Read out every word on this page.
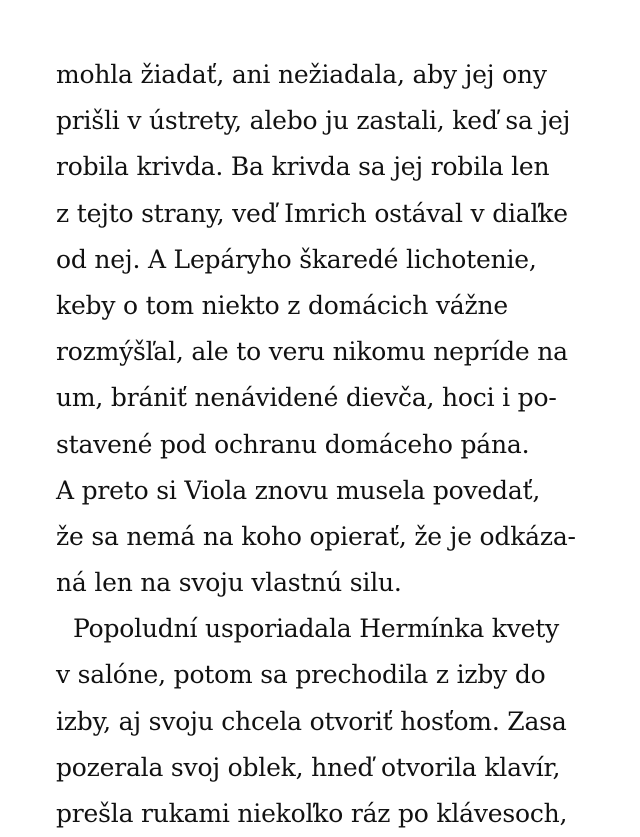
mohla žiadať, ani nežiadala, aby jej ony
prišli v ústrety, alebo ju zastali, keď sa jej
robila krivda. Ba krivda sa jej robila len
z tejto strany, veď Imrich ostával v diaľke
od nej. A Lepáryho škaredé lichotenie,
keby o tom niekto z domácich vážne
rozmýšľal, ale to veru nikomu nepríde na
um, brániť nenávidené dievča, hoci i po-
stavené pod ochranu domáceho pána.
A preto si Viola znovu musela povedať,
že sa nemá na koho opierať, že je odkáza-
ná len na svoju vlastnú silu.
Popoludní usporiadala Hermínka kvety
v salóne, potom sa prechodila z izby do
izby, aj svoju chcela otvoriť hosťom. Zasa
pozerala svoj oblek, hneď otvorila klavír,
prešla rukami niekoľko ráz po klávesoch,
